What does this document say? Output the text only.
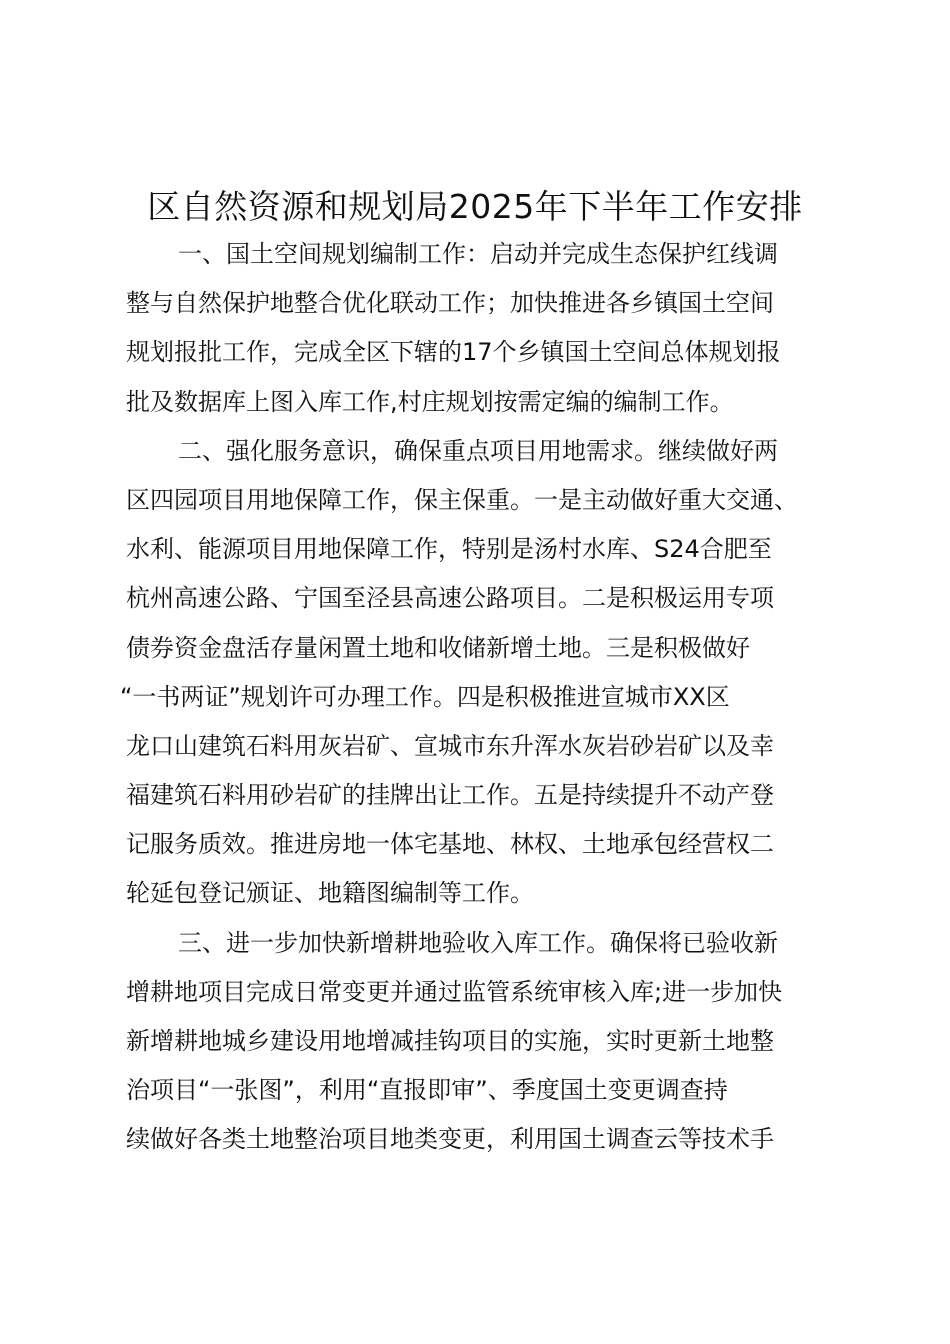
区自然资源和规划局2025年下半年工作安排

一、国土空间规划编制工作：启动并完成生态保护红线调
整与自然保护地整合优化联动工作；加快推进各乡镇国土空间
规划报批工作，完成全区下辖的17个乡镇国土空间总体规划报
批及数据库上图入库工作,村庄规划按需定编的编制工作。

二、强化服务意识，确保重点项目用地需求。继续做好两
区四园项目用地保障工作，保主保重。一是主动做好重大交通、
水利、能源项目用地保障工作，特别是汤村水库、S24合肥至
杭州高速公路、宁国至泾县高速公路项目。二是积极运用专项
债券资金盘活存量闲置土地和收储新增土地。三是积极做好
“一书两证”规划许可办理工作。四是积极推进宣城市XX区
龙口山建筑石料用灰岩矿、宣城市东升浑水灰岩砂岩矿以及幸
福建筑石料用砂岩矿的挂牌出让工作。五是持续提升不动产登
记服务质效。推进房地一体宅基地、林权、土地承包经营权二
轮延包登记颁证、地籍图编制等工作。

三、进一步加快新增耕地验收入库工作。确保将已验收新
增耕地项目完成日常变更并通过监管系统审核入库;进一步加快
新增耕地城乡建设用地增减挂钩项目的实施，实时更新土地整
治项目“一张图”，利用“直报即审”、季度国土变更调查持
续做好各类土地整治项目地类变更，利用国土调查云等技术手
